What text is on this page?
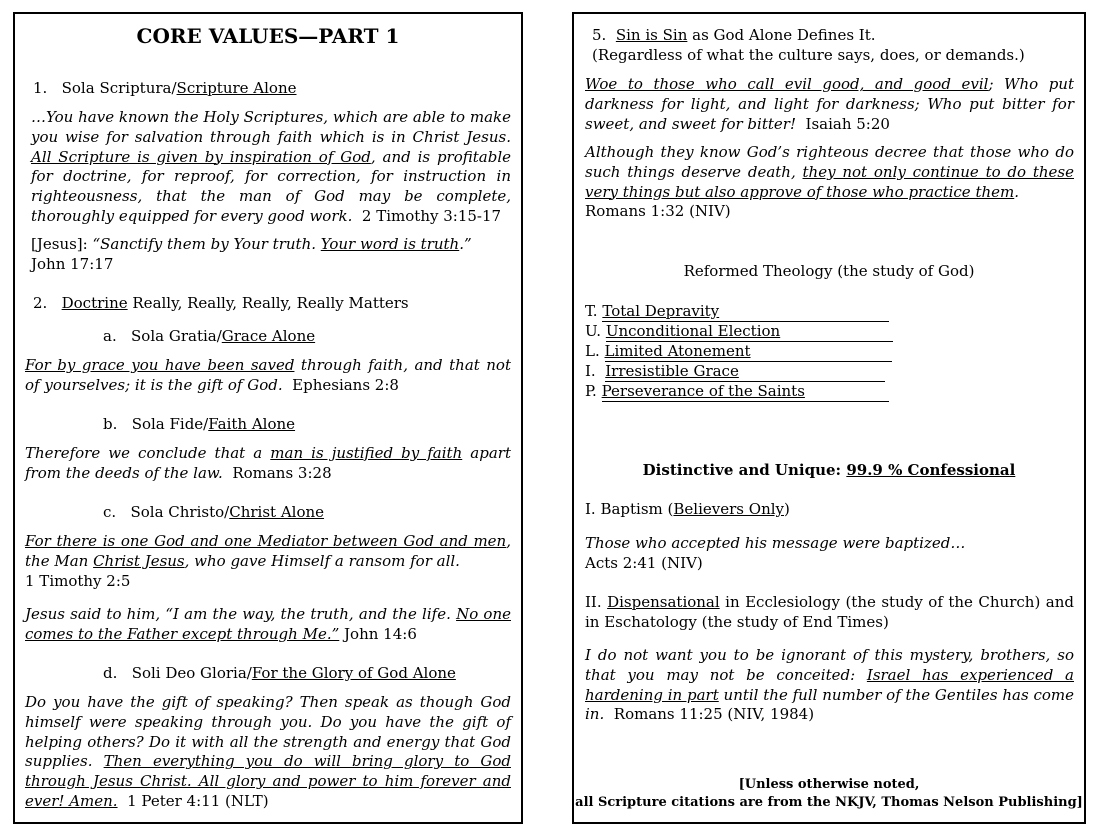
CORE VALUES—PART 1
1. Sola Scriptura/Scripture Alone
…You have known the Holy Scriptures, which are able to make you wise for salvation through faith which is in Christ Jesus. All Scripture is given by inspiration of God, and is profitable for doctrine, for reproof, for correction, for instruction in righteousness, that the man of God may be complete, thoroughly equipped for every good work. 2 Timothy 3:15-17
[Jesus]: “Sanctify them by Your truth. Your word is truth.”
John 17:17
2. Doctrine Really, Really, Really, Really Matters
a. Sola Gratia/Grace Alone
For by grace you have been saved through faith, and that not of yourselves; it is the gift of God. Ephesians 2:8
b. Sola Fide/Faith Alone
Therefore we conclude that a man is justified by faith apart from the deeds of the law. Romans 3:28
c. Sola Christo/Christ Alone
For there is one God and one Mediator between God and men, the Man Christ Jesus, who gave Himself a ransom for all.
1 Timothy 2:5
Jesus said to him, “I am the way, the truth, and the life. No one comes to the Father except through Me.” John 14:6
d. Soli Deo Gloria/For the Glory of God Alone
Do you have the gift of speaking? Then speak as though God himself were speaking through you. Do you have the gift of helping others? Do it with all the strength and energy that God supplies. Then everything you do will bring glory to God through Jesus Christ. All glory and power to him forever and ever! Amen. 1 Peter 4:11 (NLT)
5. Sin is Sin as God Alone Defines It.
(Regardless of what the culture says, does, or demands.)
Woe to those who call evil good, and good evil; Who put darkness for light, and light for darkness; Who put bitter for sweet, and sweet for bitter! Isaiah 5:20
Although they know God’s righteous decree that those who do such things deserve death, they not only continue to do these very things but also approve of those who practice them.
Romans 1:32 (NIV)
Reformed Theology (the study of God)
T. Total Depravity
U. Unconditional Election
L. Limited Atonement
I. Irresistible Grace
P. Perseverance of the Saints
Distinctive and Unique: 99.9 % Confessional
I. Baptism (Believers Only)
Those who accepted his message were baptized…
Acts 2:41 (NIV)
II. Dispensational in Ecclesiology (the study of the Church) and in Eschatology (the study of End Times)
I do not want you to be ignorant of this mystery, brothers, so that you may not be conceited: Israel has experienced a hardening in part until the full number of the Gentiles has come in. Romans 11:25 (NIV, 1984)
[Unless otherwise noted,
all Scripture citations are from the NKJV, Thomas Nelson Publishing]
